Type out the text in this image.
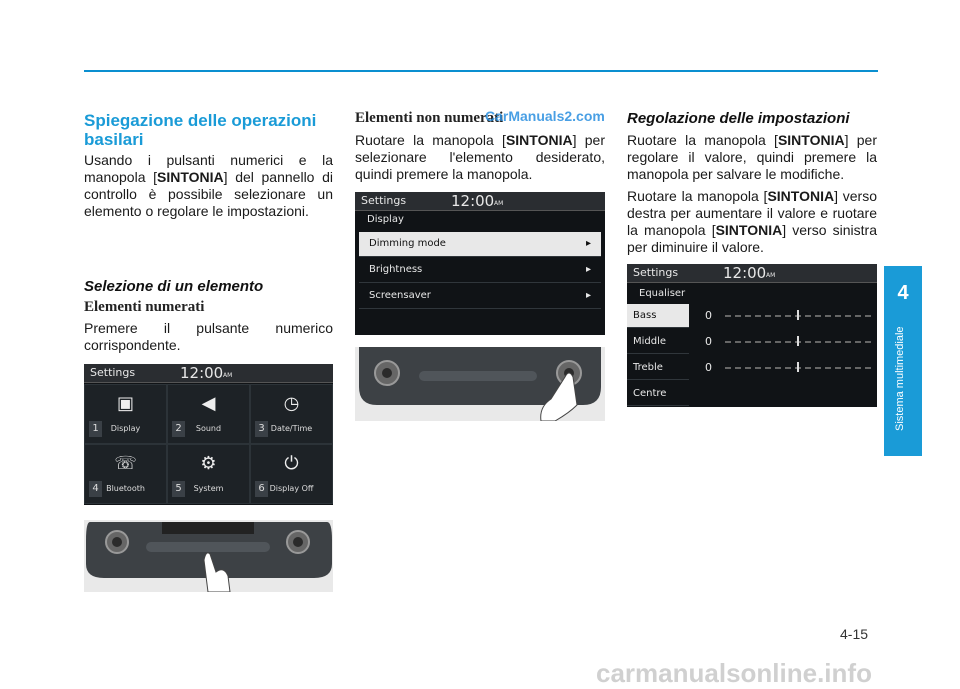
Spiegazione delle operazioni basilari

Usando i pulsanti numerici e la manopola [SINTONIA] del pannello di controllo è possibile selezionare un elemento o regolare le impostazioni.

Selezione di un elemento
Elementi numerati

Premere il pulsante numerico corrispondente.

Settings	12:00 AM
▣
1	Display
◀
2	Sound
◷
3 Date/Time
☏
4 Bluetooth
⚙
5	System
⏻
6 Display Off
Elementi non numerati

Ruotare la manopola [SINTONIA] per selezionare l'elemento desiderato, quindi premere la manopola.

CarManuals2.com
Settings	12:00 AM
Display
Dimming mode	▸
Brightness	▸
Screensaver	▸
Regolazione delle impostazioni

Ruotare la manopola [SINTONIA] per regolare il valore, quindi premere la manopola per salvare le modifiche.

Ruotare la manopola [SINTONIA] verso destra per aumentare il valore e ruotare la manopola [SINTONIA] verso sinistra per diminuire il valore.

Settings	12:00 AM
Equaliser
Bass	0
Middle	0
Treble	0
Centre
4
Sistema multimediale
4-15
carmanualsonline.info
